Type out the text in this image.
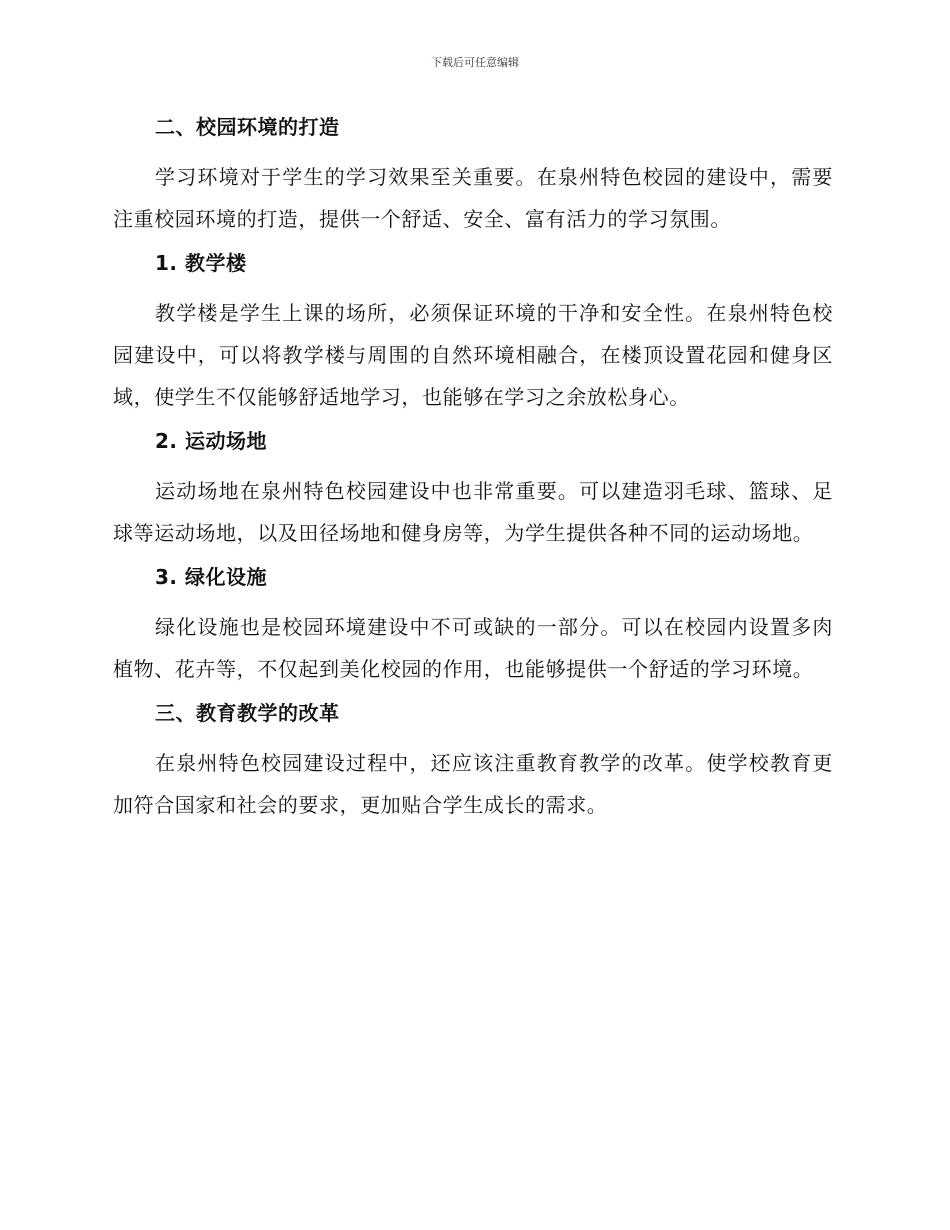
下载后可任意编辑
二、校园环境的打造

学习环境对于学生的学习效果至关重要。在泉州特色校园的建设中，需要注重校园环境的打造，提供一个舒适、安全、富有活力的学习氛围。

1. 教学楼

教学楼是学生上课的场所，必须保证环境的干净和安全性。在泉州特色校园建设中，可以将教学楼与周围的自然环境相融合，在楼顶设置花园和健身区域，使学生不仅能够舒适地学习，也能够在学习之余放松身心。

2. 运动场地

运动场地在泉州特色校园建设中也非常重要。可以建造羽毛球、篮球、足球等运动场地，以及田径场地和健身房等，为学生提供各种不同的运动场地。

3. 绿化设施

绿化设施也是校园环境建设中不可或缺的一部分。可以在校园内设置多肉植物、花卉等，不仅起到美化校园的作用，也能够提供一个舒适的学习环境。

三、教育教学的改革

在泉州特色校园建设过程中，还应该注重教育教学的改革。使学校教育更加符合国家和社会的要求，更加贴合学生成长的需求。
